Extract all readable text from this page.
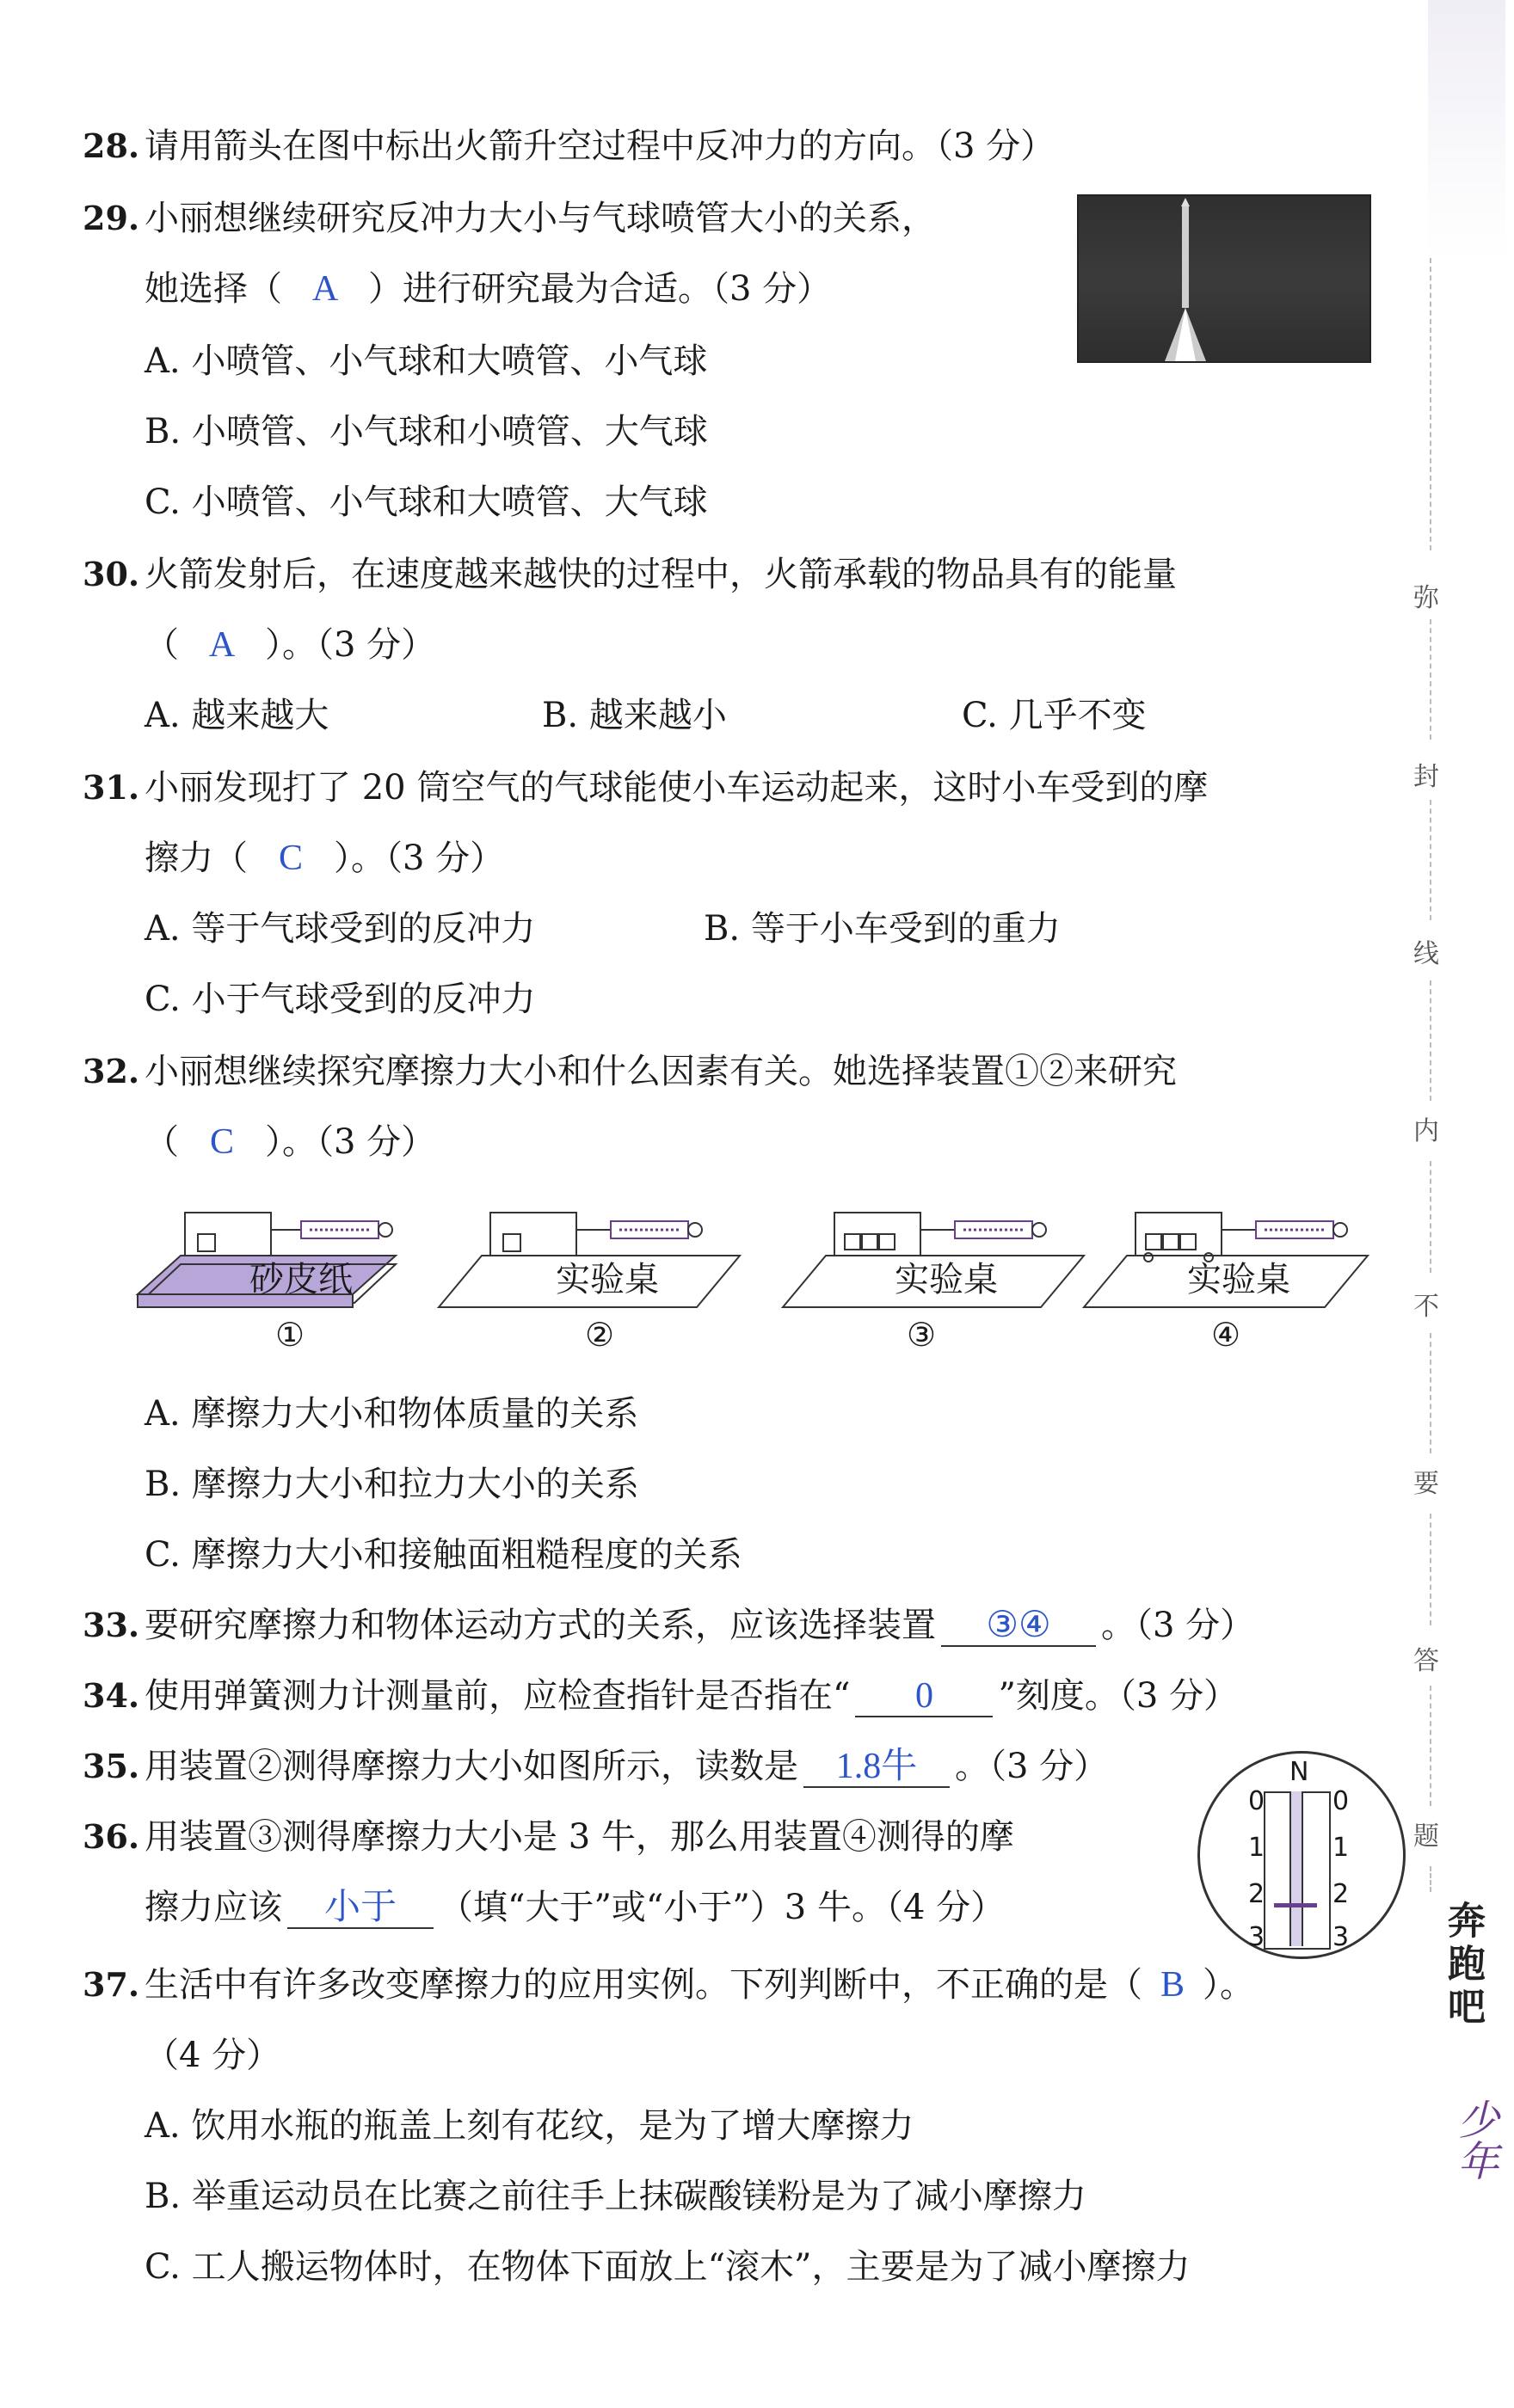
28. 请用箭头在图中标出火箭升空过程中反冲力的方向。（3 分）
29. 小丽想继续研究反冲力大小与气球喷管大小的关系，
她选择（ A ）进行研究最为合适。（3 分）
A. 小喷管、小气球和大喷管、小气球
B. 小喷管、小气球和小喷管、大气球
C. 小喷管、小气球和大喷管、大气球
30. 火箭发射后，在速度越来越快的过程中，火箭承载的物品具有的能量
（ A ）。（3 分）
A. 越来越大	B. 越来越小	C. 几乎不变
31. 小丽发现打了 20 筒空气的气球能使小车运动起来，这时小车受到的摩
擦力（ C ）。（3 分）
A. 等于气球受到的反冲力	B. 等于小车受到的重力
C. 小于气球受到的反冲力
32. 小丽想继续探究摩擦力大小和什么因素有关。她选择装置①②来研究
（ C ）。（3 分）
砂皮纸	实验桌	实验桌	实验桌
①	②	③	④
A. 摩擦力大小和物体质量的关系
B. 摩擦力大小和拉力大小的关系
C. 摩擦力大小和接触面粗糙程度的关系
33. 要研究摩擦力和物体运动方式的关系，应该选择装置 ③④ 。（3 分）
34. 使用弹簧测力计测量前，应检查指针是否指在“ 0 ”刻度。（3 分）
35. 用装置②测得摩擦力大小如图所示，读数是 1.8牛 。（3 分）
36. 用装置③测得摩擦力大小是 3 牛，那么用装置④测得的摩
擦力应该 小于 （填“大于”或“小于”）3 牛。（4 分）
N
0
1
2
3
0
1
2
3
37. 生活中有许多改变摩擦力的应用实例。下列判断中，不正确的是（ B ）。
（4 分）
A. 饮用水瓶的瓶盖上刻有花纹，是为了增大摩擦力
B. 举重运动员在比赛之前往手上抹碳酸镁粉是为了减小摩擦力
C. 工人搬运物体时，在物体下面放上“滚木”，主要是为了减小摩擦力
弥
封
线
内
不
要
答
题
奔跑吧
少年
